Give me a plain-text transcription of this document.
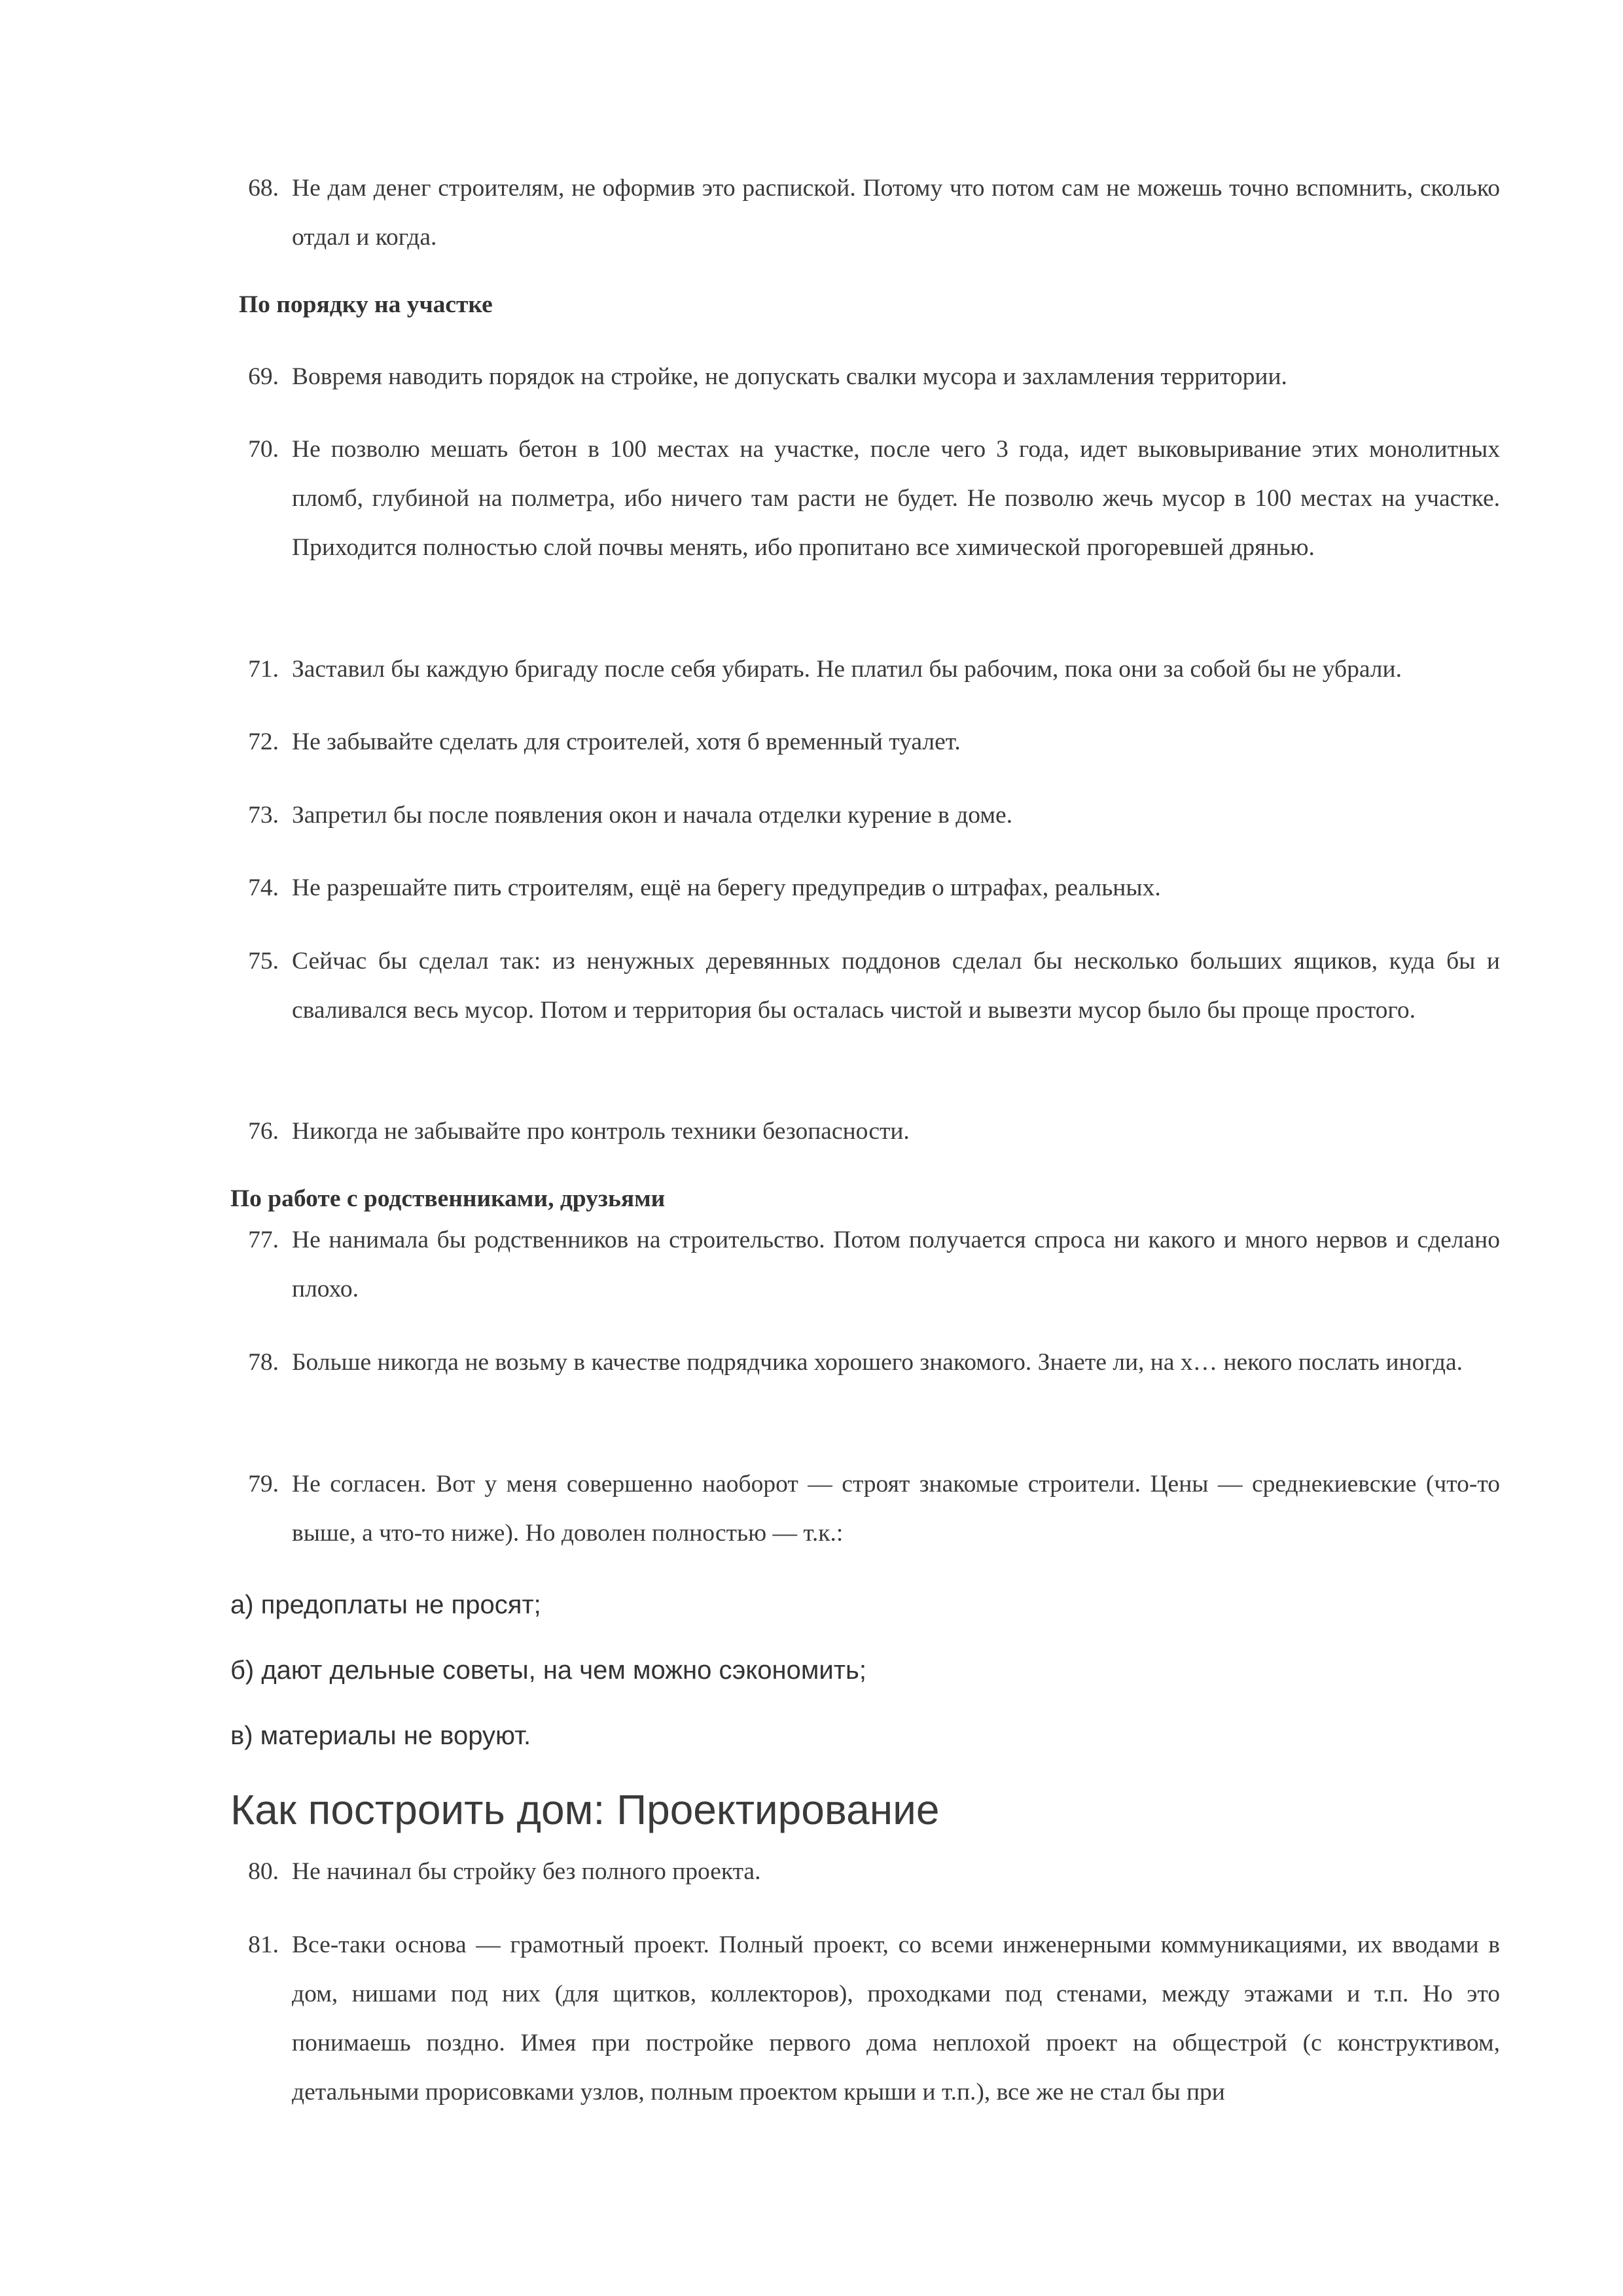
68. Не дам денег строителям, не оформив это распиской. Потому что потом сам не можешь точно вспомнить, сколько отдал и когда.
По порядку на участке
69. Вовремя наводить порядок на стройке, не допускать свалки мусора и захламления территории.
70. Не позволю мешать бетон в 100 местах на участке, после чего 3 года, идет выковыривание этих монолитных пломб, глубиной на полметра, ибо ничего там расти не будет. Не позволю жечь мусор в 100 местах на участке. Приходится полностью слой почвы менять, ибо пропитано все химической прогоревшей дрянью.
71. Заставил бы каждую бригаду после себя убирать. Не платил бы рабочим, пока они за собой бы не убрали.
72. Не забывайте сделать для строителей, хотя б временный туалет.
73. Запретил бы после появления окон и начала отделки курение в доме.
74. Не разрешайте пить строителям, ещё на берегу предупредив о штрафах, реальных.
75. Сейчас бы сделал так: из ненужных деревянных поддонов сделал бы несколько больших ящиков, куда бы и сваливался весь мусор. Потом и территория бы осталась чистой и вывезти мусор было бы проще простого.
76. Никогда не забывайте про контроль техники безопасности.
По работе с родственниками, друзьями
77. Не нанимала бы родственников на строительство. Потом получается спроса ни какого и много нервов и сделано плохо.
78. Больше никогда не возьму в качестве подрядчика хорошего знакомого. Знаете ли, на х… некого послать иногда.
79. Не согласен. Вот у меня совершенно наоборот — строят знакомые строители. Цены — среднекиевские (что-то выше, а что-то ниже). Но доволен полностью — т.к.:
а) предоплаты не просят;
б) дают дельные советы, на чем можно сэкономить;
в) материалы не воруют.
Как построить дом: Проектирование
80. Не начинал бы стройку без полного проекта.
81. Все-таки основа — грамотный проект. Полный проект, со всеми инженерными коммуникациями, их вводами в дом, нишами под них (для щитков, коллекторов), проходками под стенами, между этажами и т.п. Но это понимаешь поздно. Имея при постройке первого дома неплохой проект на общестрой (с конструктивом, детальными прорисовками узлов, полным проектом крыши и т.п.), все же не стал бы при
